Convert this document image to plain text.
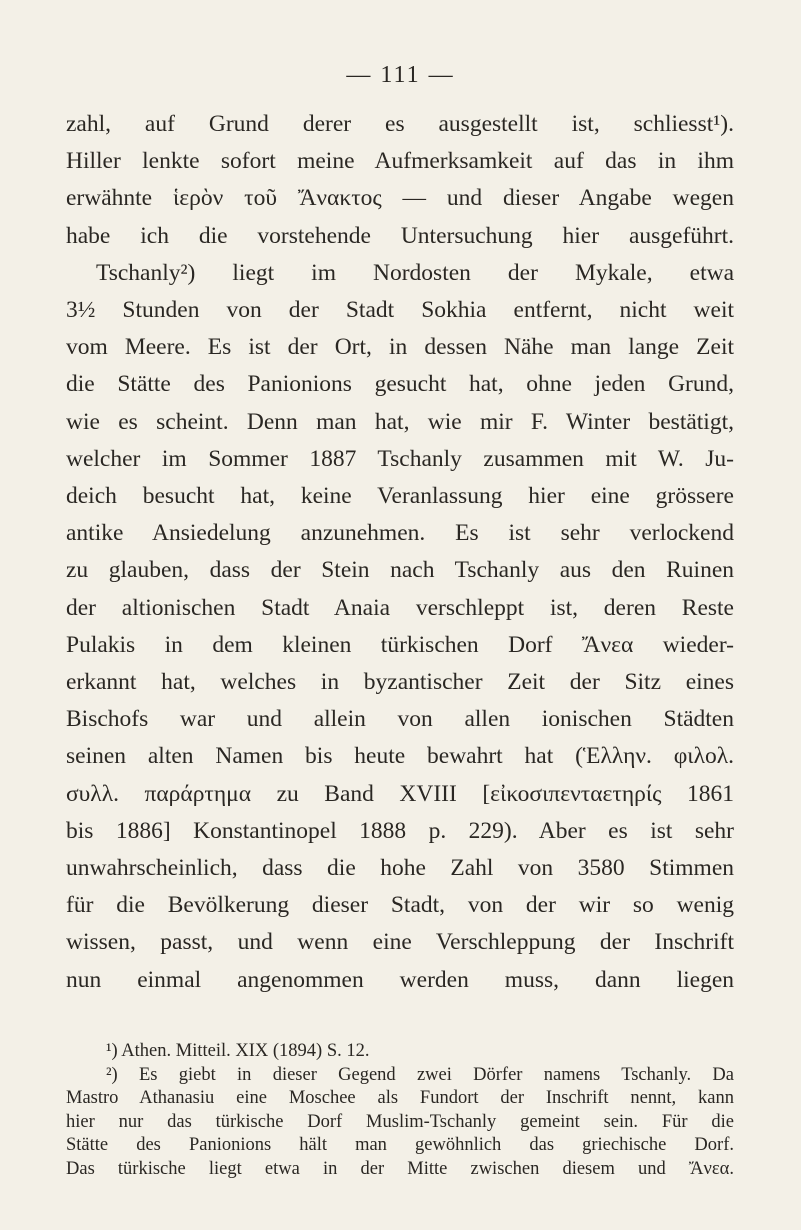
— 111 —
zahl, auf Grund derer es ausgestellt ist, schliesst¹).
Hiller lenkte sofort meine Aufmerksamkeit auf das in ihm
erwähnte ἱερὸν τοῦ Ἄνακτος — und dieser Angabe wegen
habe ich die vorstehende Untersuchung hier ausgeführt.
Tschanly²) liegt im Nordosten der Mykale, etwa
3½ Stunden von der Stadt Sokhia entfernt, nicht weit
vom Meere. Es ist der Ort, in dessen Nähe man lange Zeit
die Stätte des Panionions gesucht hat, ohne jeden Grund,
wie es scheint. Denn man hat, wie mir F. Winter bestätigt,
welcher im Sommer 1887 Tschanly zusammen mit W. Ju-
deich besucht hat, keine Veranlassung hier eine grössere
antike Ansiedelung anzunehmen. Es ist sehr verlockend
zu glauben, dass der Stein nach Tschanly aus den Ruinen
der altionischen Stadt Anaia verschleppt ist, deren Reste
Pulakis in dem kleinen türkischen Dorf Ἄνεα wieder-
erkannt hat, welches in byzantischer Zeit der Sitz eines
Bischofs war und allein von allen ionischen Städten
seinen alten Namen bis heute bewahrt hat (Ἑλλην. φιλολ.
συλλ. παράρτημα zu Band XVIII [εἰκοσιπενταετηρίς 1861
bis 1886] Konstantinopel 1888 p. 229). Aber es ist sehr
unwahrscheinlich, dass die hohe Zahl von 3580 Stimmen
für die Bevölkerung dieser Stadt, von der wir so wenig
wissen, passt, und wenn eine Verschleppung der Inschrift
nun einmal angenommen werden muss, dann liegen
¹) Athen. Mitteil. XIX (1894) S. 12.
²) Es giebt in dieser Gegend zwei Dörfer namens Tschanly. Da
Mastro Athanasiu eine Moschee als Fundort der Inschrift nennt, kann
hier nur das türkische Dorf Muslim-Tschanly gemeint sein. Für die
Stätte des Panionions hält man gewöhnlich das griechische Dorf.
Das türkische liegt etwa in der Mitte zwischen diesem und Ἄνεα.
